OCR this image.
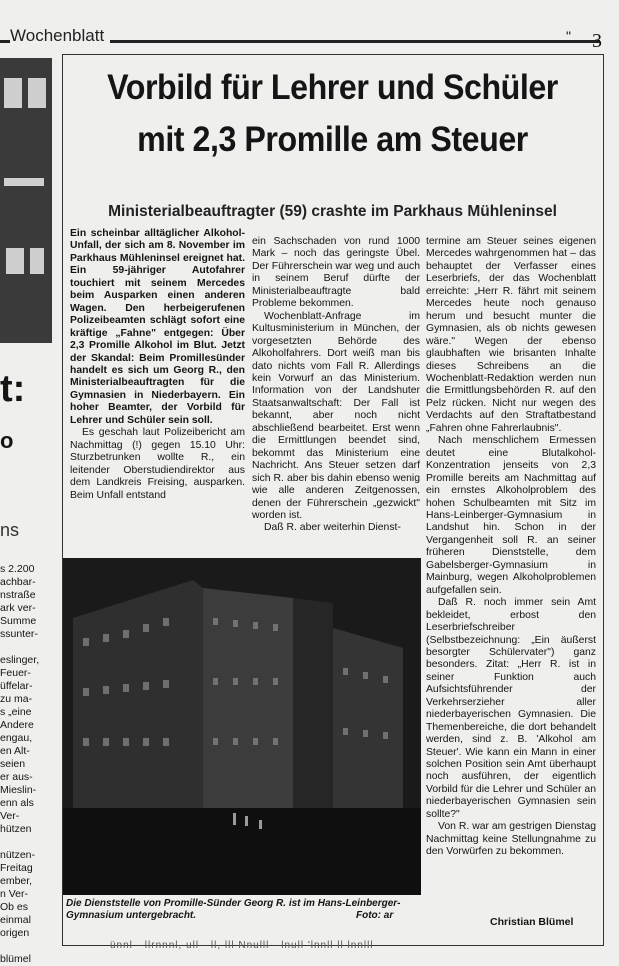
Wochenblatt	" 3
t:
o
ns
s 2.200
achbar-
nstraße
ark ver-
Summe
ssunter-
eslinger,
Feuer-
üffelar-
zu ma-
s „eine
Andere
engau,
en Alt-
seien
er aus-
Mieslin-
enn als
Ver-
hützen
nützen-
Freitag
ember,
n Ver-
Ob es
einmal
origen
blümel
Vorbild für Lehrer und Schüler
mit 2,3 Promille am Steuer
Ministerialbeauftragter (59) crashte im Parkhaus Mühleninsel

Ein scheinbar alltäglicher Alkohol-Unfall, der sich am 8. November im Parkhaus Mühleninsel ereignet hat. Ein 59-jähriger Autofahrer touchiert mit seinem Mercedes beim Ausparken einen anderen Wagen. Den herbeigerufenen Polizeibeamten schlägt sofort eine kräftige „Fahne" entgegen: Über 2,3 Promille Alkohol im Blut. Jetzt der Skandal: Beim Promillesünder handelt es sich um Georg R., den Ministerialbeauftragten für die Gymnasien in Niederbayern. Ein hoher Beamter, der Vorbild für Lehrer und Schüler sein soll.

Es geschah laut Polizeibericht am Nachmittag (!) gegen 15.10 Uhr: Sturzbetrunken wollte R., ein leitender Oberstudiendirektor aus dem Landkreis Freising, ausparken. Beim Unfall entstand

ein Sachschaden von rund 1000 Mark – noch das geringste Übel. Der Führerschein war weg und auch in seinem Beruf dürfte der Ministerialbeauftragte bald Probleme bekommen.

Wochenblatt-Anfrage im Kultusministerium in München, der vorgesetzten Behörde des Alkoholfahrers. Dort weiß man bis dato nichts vom Fall R. Allerdings kein Vorwurf an das Ministerium. Information von der Landshuter Staatsanwaltschaft: Der Fall ist bekannt, aber noch nicht abschließend bearbeitet. Erst wenn die Ermittlungen beendet sind, bekommt das Ministerium eine Nachricht. Ans Steuer setzen darf sich R. aber bis dahin ebenso wenig wie alle anderen Zeitgenossen, denen der Führerschein „gezwickt" worden ist.

Daß R. aber weiterhin Dienst-

termine am Steuer seines eigenen Mercedes wahrgenommen hat – das behauptet der Verfasser eines Leserbriefs, der das Wochenblatt erreichte: „Herr R. fährt mit seinem Mercedes heute noch genauso herum und besucht munter die Gymnasien, als ob nichts gewesen wäre." Wegen der ebenso glaubhaften wie brisanten Inhalte dieses Schreibens an die Wochenblatt-Redaktion werden nun die Ermittlungsbehörden R. auf den Pelz rücken. Nicht nur wegen des Verdachts auf den Straftatbestand „Fahren ohne Fahrerlaubnis".

Nach menschlichem Ermessen deutet eine Blutalkohol-Konzentration jenseits von 2,3 Promille bereits am Nachmittag auf ein ernstes Alkoholproblem des hohen Schulbeamten mit Sitz im Hans-Leinberger-Gymnasium in Landshut hin. Schon in der Vergangenheit soll R. an seiner früheren Dienststelle, dem Gabelsberger-Gymnasium in Mainburg, wegen Alkoholproblemen aufgefallen sein.

Daß R. noch immer sein Amt bekleidet, erbost den Leserbriefschreiber (Selbstbezeichnung: „Ein äußerst besorgter Schülervater") ganz besonders. Zitat: „Herr R. ist in seiner Funktion auch Aufsichtsführender der Verkehrserzieher aller niederbayerischen Gymnasien. Die Themenbereiche, die dort behandelt werden, sind z. B. 'Alkohol am Steuer'. Wie kann ein Mann in einer solchen Position sein Amt überhaupt noch ausführen, der eigentlich Vorbild für die Lehrer und Schüler an niederbayerischen Gymnasien sein sollte?"

Von R. war am gestrigen Dienstag Nachmittag keine Stellungnahme zu den Vorwürfen zu bekommen.

Die Dienststelle von Promille-Sünder Georg R. ist im Hans-Leinberger-Gymnasium untergebracht.	Foto: ar
Christian Blümel
ünnl · llrnnnl, ull · ll, lll Nnulll · lnull 'lnnll ll lnnlll
